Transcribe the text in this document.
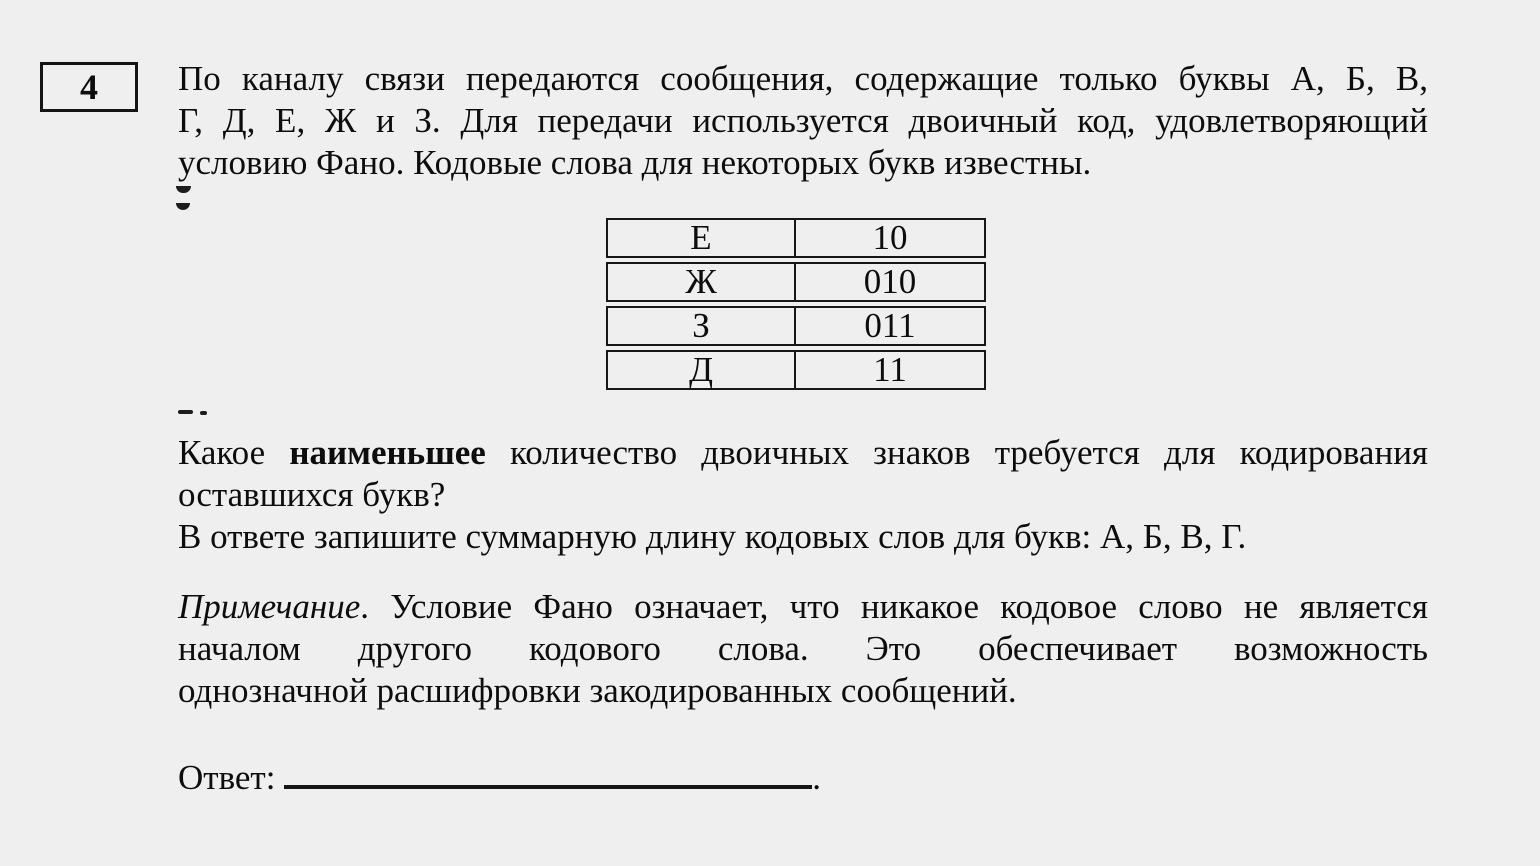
4 По каналу связи передаются сообщения, содержащие только буквы А, Б, В,
Г, Д, Е, Ж и З. Для передачи используется двоичный код, удовлетворяющий
условию Фано. Кодовые слова для некоторых букв известны.
Е	10
Ж	010
З	011
Д	11
Какое наименьшее количество двоичных знаков требуется для кодирования
оставшихся букв?
В ответе запишите суммарную длину кодовых слов для букв: А, Б, В, Г.
Примечание. Условие Фано означает, что никакое кодовое слово не является
началом другого кодового слова. Это обеспечивает возможность
однозначной расшифровки закодированных сообщений.
Ответ:	.
